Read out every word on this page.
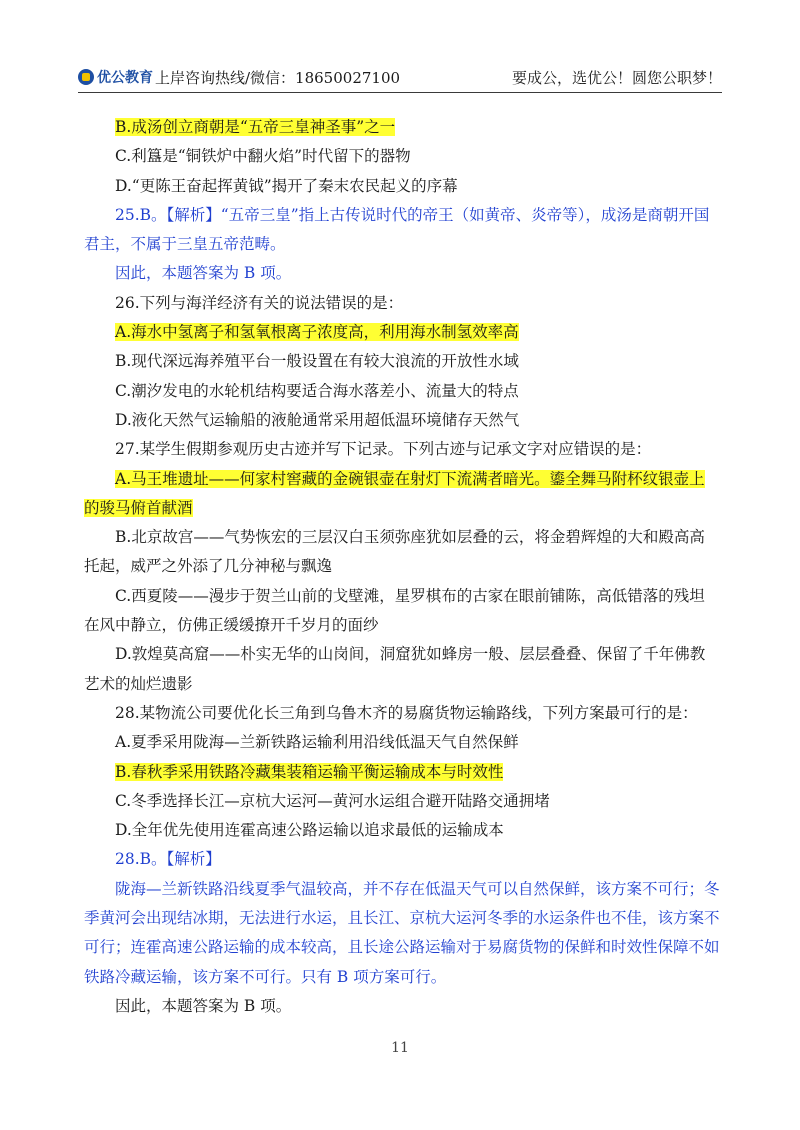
优公教育 上岸咨询热线/微信：18650027100	要成公，选优公！圆您公职梦！

B.成汤创立商朝是“五帝三皇神圣事”之一

C.利簋是“铜铁炉中翻火焰”时代留下的器物

D.“更陈王奋起挥黄钺”揭开了秦末农民起义的序幕

25.B。【解析】“五帝三皇”指上古传说时代的帝王（如黄帝、炎帝等），成汤是商朝开国君主，不属于三皇五帝范畴。

因此，本题答案为 B 项。

26.下列与海洋经济有关的说法错误的是：

A.海水中氢离子和氢氧根离子浓度高，利用海水制氢效率高

B.现代深远海养殖平台一般设置在有较大浪流的开放性水域

C.潮汐发电的水轮机结构要适合海水落差小、流量大的特点

D.液化天然气运输船的液舱通常采用超低温环境储存天然气

27.某学生假期参观历史古迹并写下记录。下列古迹与记承文字对应错误的是：

A.马王堆遗址——何家村窖藏的金碗银壶在射灯下流满者暗光。鎏全舞马附杯纹银壶上的骏马俯首献酒

B.北京故宫——气势恢宏的三层汉白玉须弥座犹如层叠的云，将金碧辉煌的大和殿高高托起，威严之外添了几分神秘与飘逸

C.西夏陵——漫步于贺兰山前的戈壁滩，星罗棋布的古家在眼前铺陈，高低错落的残坦在风中静立，仿佛正缓缓撩开千岁月的面纱

D.敦煌莫高窟——朴实无华的山岗间，洞窟犹如蜂房一般、层层叠叠、保留了千年佛教艺术的灿烂遗影

28.某物流公司要优化长三角到乌鲁木齐的易腐货物运输路线，下列方案最可行的是：

A.夏季采用陇海—兰新铁路运输利用沿线低温天气自然保鲜

B.春秋季采用铁路冷藏集装箱运输平衡运输成本与时效性

C.冬季选择长江—京杭大运河—黄河水运组合避开陆路交通拥堵

D.全年优先使用连霍高速公路运输以追求最低的运输成本

28.B。【解析】

陇海—兰新铁路沿线夏季气温较高，并不存在低温天气可以自然保鲜，该方案不可行；冬季黄河会出现结冰期，无法进行水运，且长江、京杭大运河冬季的水运条件也不佳，该方案不可行；连霍高速公路运输的成本较高，且长途公路运输对于易腐货物的保鲜和时效性保障不如铁路冷藏运输，该方案不可行。只有 B 项方案可行。

因此，本题答案为 B 项。

11
